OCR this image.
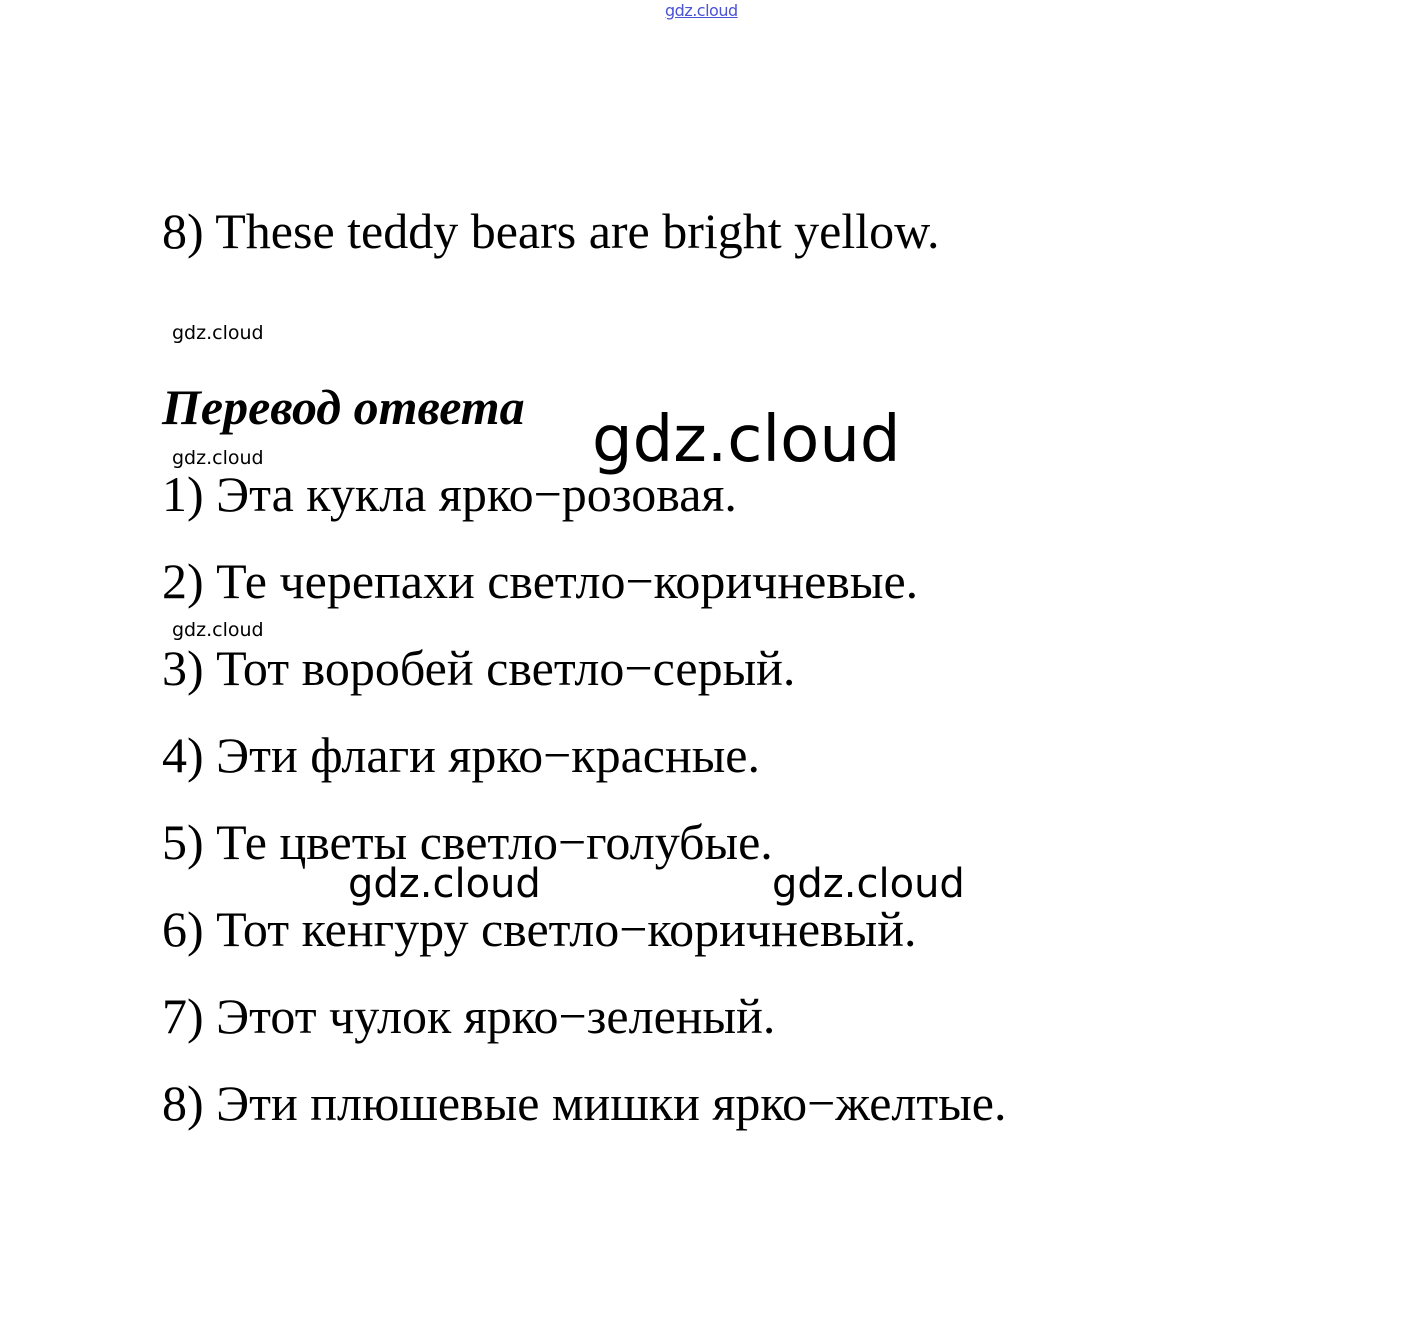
gdz.cloud
8) These teddy bears are bright yellow.
gdz.cloud
Перевод ответа gdz.cloud
gdz.cloud
1) Эта кукла ярко−розовая.
2) Те черепахи светло−коричневые.
gdz.cloud
3) Тот воробей светло−серый.
4) Эти флаги ярко−красные.
5) Те цветы светло−голубые.
gdz.cloud	gdz.cloud
6) Тот кенгуру светло−коричневый.
7) Этот чулок ярко−зеленый.
8) Эти плюшевые мишки ярко−желтые.
